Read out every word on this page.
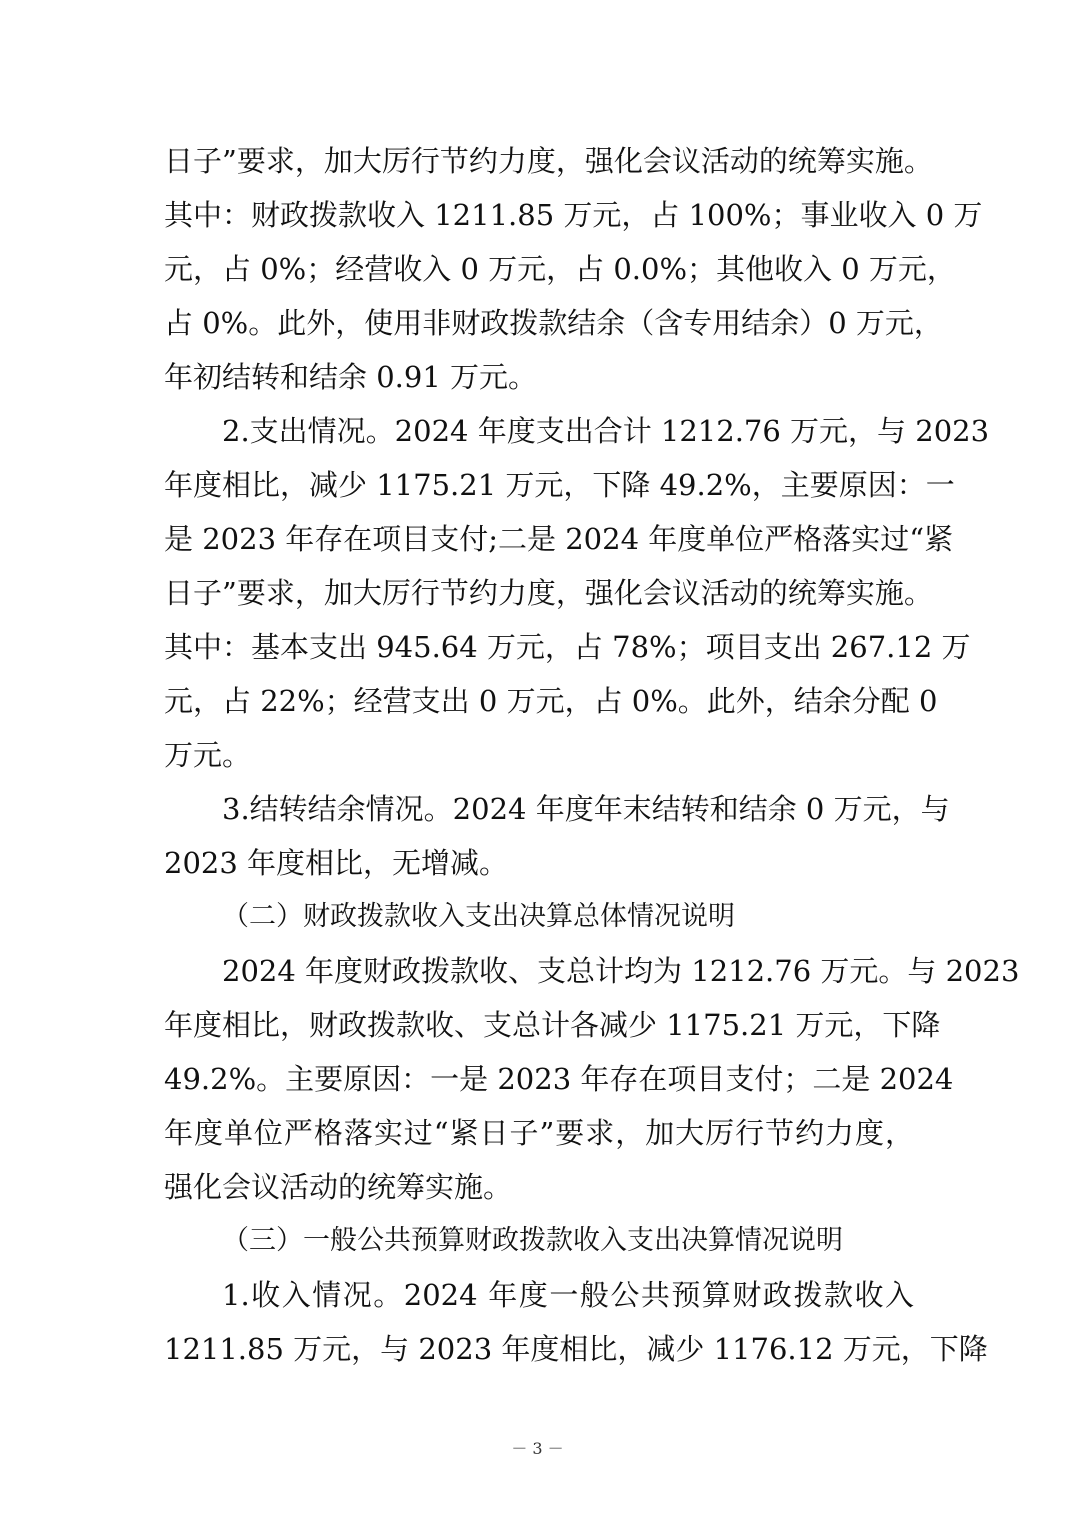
日子”要求，加大厉行节约力度，强化会议活动的统筹实施。
其中：财政拨款收入 1211.85 万元，占 100%；事业收入 0 万
元，占 0%；经营收入 0 万元，占 0.0%；其他收入 0 万元，
占 0%。此外，使用非财政拨款结余（含专用结余）0 万元，
年初结转和结余 0.91 万元。
2.支出情况。2024 年度支出合计 1212.76 万元，与 2023
年度相比，减少 1175.21 万元，下降 49.2%，主要原因：一
是 2023 年存在项目支付;二是 2024 年度单位严格落实过“紧
日子”要求，加大厉行节约力度，强化会议活动的统筹实施。
其中：基本支出 945.64 万元，占 78%；项目支出 267.12 万
元，占 22%；经营支出 0 万元，占 0%。此外，结余分配 0
万元。
3.结转结余情况。2024 年度年末结转和结余 0 万元，与
2023 年度相比，无增减。
（二）财政拨款收入支出决算总体情况说明
2024 年度财政拨款收、支总计均为 1212.76 万元。与 2023
年度相比，财政拨款收、支总计各减少 1175.21 万元，下降
49.2%。主要原因：一是 2023 年存在项目支付；二是 2024
年度单位严格落实过“紧日子”要求，加大厉行节约力度，
强化会议活动的统筹实施。
（三）一般公共预算财政拨款收入支出决算情况说明
1.收入情况。2024 年度一般公共预算财政拨款收入
1211.85 万元，与 2023 年度相比，减少 1176.12 万元，下降
－ 3 －
